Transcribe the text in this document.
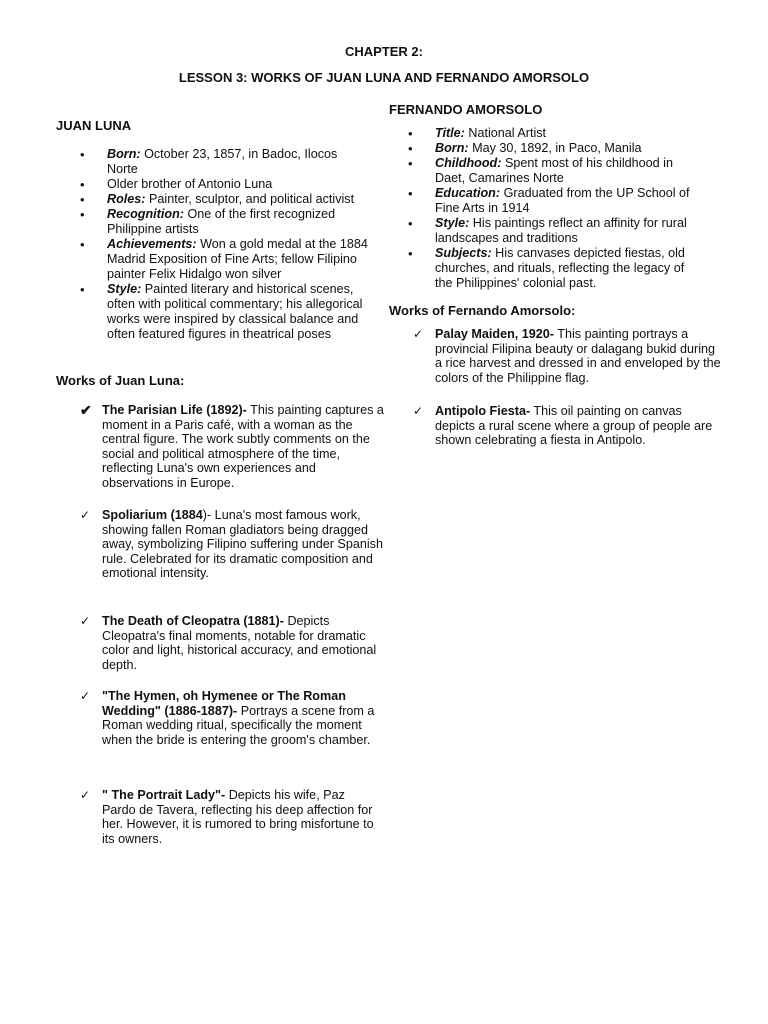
CHAPTER 2:
LESSON 3: WORKS OF JUAN LUNA AND FERNANDO AMORSOLO
JUAN LUNA
• Born: October 23, 1857, in Badoc, Ilocos Norte
• Older brother of Antonio Luna
• Roles: Painter, sculptor, and political activist
• Recognition: One of the first recognized Philippine artists
• Achievements: Won a gold medal at the 1884 Madrid Exposition of Fine Arts; fellow Filipino painter Felix Hidalgo won silver
• Style: Painted literary and historical scenes, often with political commentary; his allegorical works were inspired by classical balance and often featured figures in theatrical poses
Works of Juan Luna:
✔ The Parisian Life (1892)- This painting captures a moment in a Paris café, with a woman as the central figure. The work subtly comments on the social and political atmosphere of the time, reflecting Luna's own experiences and observations in Europe.
✓ Spoliarium (1884)- Luna's most famous work, showing fallen Roman gladiators being dragged away, symbolizing Filipino suffering under Spanish rule. Celebrated for its dramatic composition and emotional intensity.
✓ The Death of Cleopatra (1881)- Depicts Cleopatra's final moments, notable for dramatic color and light, historical accuracy, and emotional depth.
✓ "The Hymen, oh Hymenee or The Roman Wedding" (1886-1887)- Portrays a scene from a Roman wedding ritual, specifically the moment when the bride is entering the groom's chamber.
✓ " The Portrait Lady"- Depicts his wife, Paz Pardo de Tavera, reflecting his deep affection for her. However, it is rumored to bring misfortune to its owners.
FERNANDO AMORSOLO
• Title: National Artist
• Born: May 30, 1892, in Paco, Manila
• Childhood: Spent most of his childhood in Daet, Camarines Norte
• Education: Graduated from the UP School of Fine Arts in 1914
• Style: His paintings reflect an affinity for rural landscapes and traditions
• Subjects: His canvases depicted fiestas, old churches, and rituals, reflecting the legacy of the Philippines' colonial past.
Works of Fernando Amorsolo:
✓ Palay Maiden, 1920- This painting portrays a provincial Filipina beauty or dalagang bukid during a rice harvest and dressed in and enveloped by the colors of the Philippine flag.
✓ Antipolo Fiesta- This oil painting on canvas depicts a rural scene where a group of people are shown celebrating a fiesta in Antipolo.
